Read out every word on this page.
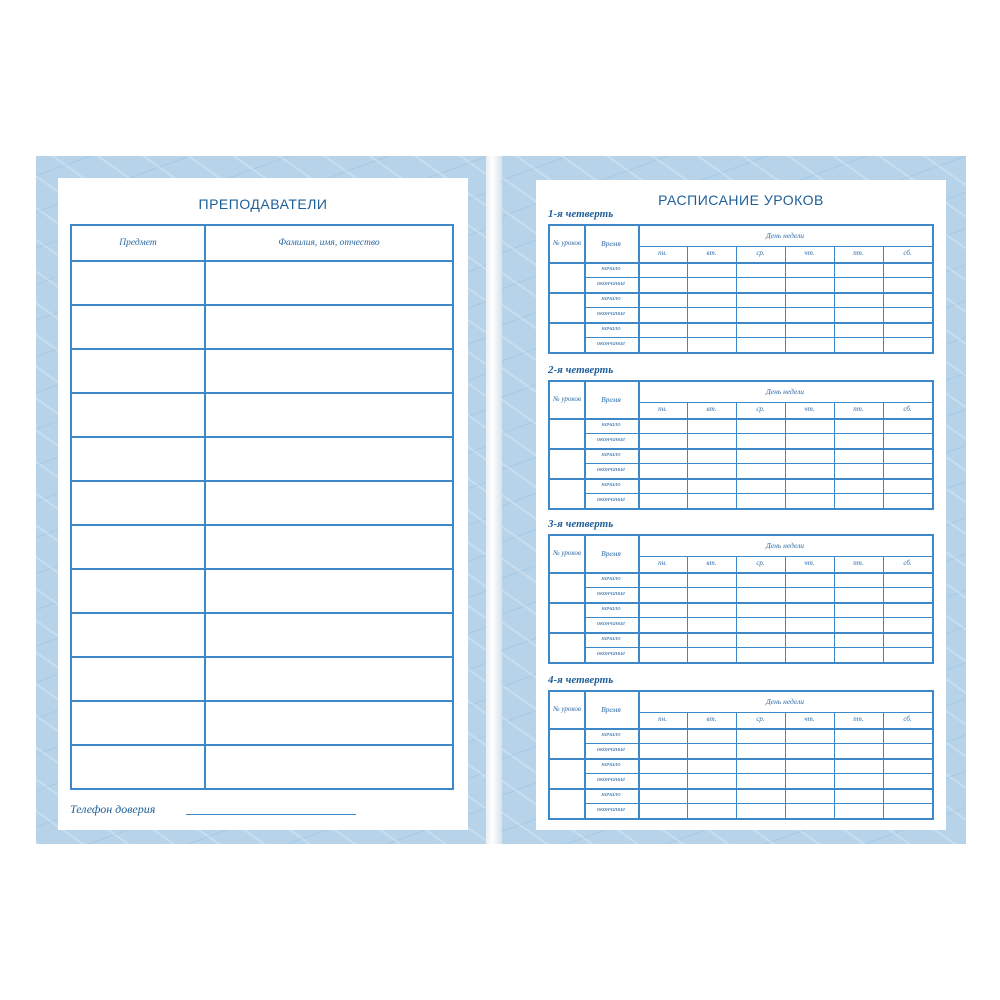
ПРЕПОДАВАТЕЛИ
Предмет	Фамилия, имя, отчество
Телефон доверия
РАСПИСАНИЕ УРОКОВ
1-я четверть
№ уроков	Время
День недели
пн.	вт.	ср.	чт.	пт.	сб.
начало
окончание
начало
окончание
начало
окончание
2-я четверть
№ уроков	Время
День недели
пн.	вт.	ср.	чт.	пт.	сб.
начало
окончание
начало
окончание
начало
окончание
3-я четверть
№ уроков	Время
День недели
пн.	вт.	ср.	чт.	пт.	сб.
начало
окончание
начало
окончание
начало
окончание
4-я четверть
№ уроков	Время
День недели
пн.	вт.	ср.	чт.	пт.	сб.
начало
окончание
начало
окончание
начало
окончание
